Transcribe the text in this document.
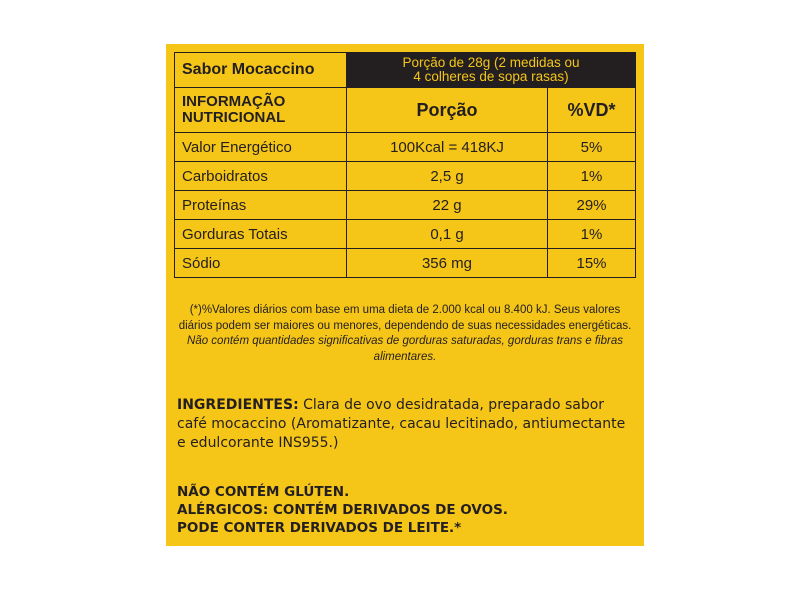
Sabor Mocaccino	Porção de 28g (2 medidas ou
4 colheres de sopa rasas)	

INFORMAÇÃO
NUTRICIONAL	Porção	%VD*
Valor Energético	100Kcal = 418KJ	5%
Carboidratos	2,5 g	1%
Proteínas	22 g	29%
Gorduras Totais	0,1 g	1%
Sódio	356 mg	15%
(*)%Valores diários com base em uma dieta de 2.000 kcal ou 8.400 kJ. Seus valores diários podem ser maiores ou menores, dependendo de suas necessidades energéticas. Não contém quantidades significativas de gorduras saturadas, gorduras trans e fibras alimentares.
INGREDIENTES: Clara de ovo desidratada, preparado sabor café mocaccino (Aromatizante, cacau lecitinado, antiumectante e edulcorante INS955.)
NÃO CONTÉM GLÚTEN.
ALÉRGICOS: CONTÉM DERIVADOS DE OVOS.
PODE CONTER DERIVADOS DE LEITE.*
